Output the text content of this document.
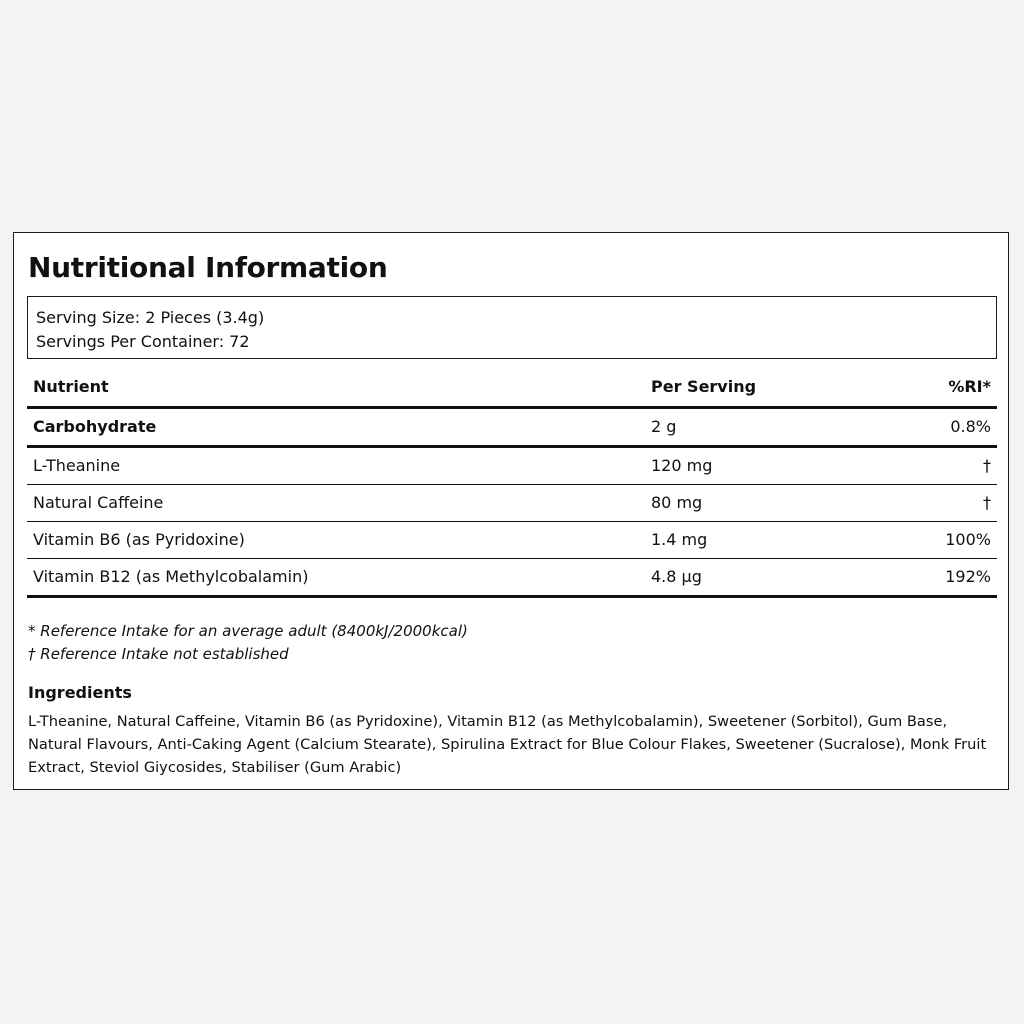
Nutritional Information
Serving Size: 2 Pieces (3.4g)
Servings Per Container: 72
Nutrient	Per Serving	%RI*
Carbohydrate	2 g	0.8%
L-Theanine	120 mg	†
Natural Caffeine	80 mg	†
Vitamin B6 (as Pyridoxine)	1.4 mg	100%
Vitamin B12 (as Methylcobalamin)	4.8 µg	192%
* Reference Intake for an average adult (8400kJ/2000kcal)
† Reference Intake not established
Ingredients

L-Theanine, Natural Caffeine, Vitamin B6 (as Pyridoxine), Vitamin B12 (as Methylcobalamin), Sweetener (Sorbitol), Gum Base, Natural Flavours, Anti-Caking Agent (Calcium Stearate), Spirulina Extract for Blue Colour Flakes, Sweetener (Sucralose), Monk Fruit Extract, Steviol Giycosides, Stabiliser (Gum Arabic)
